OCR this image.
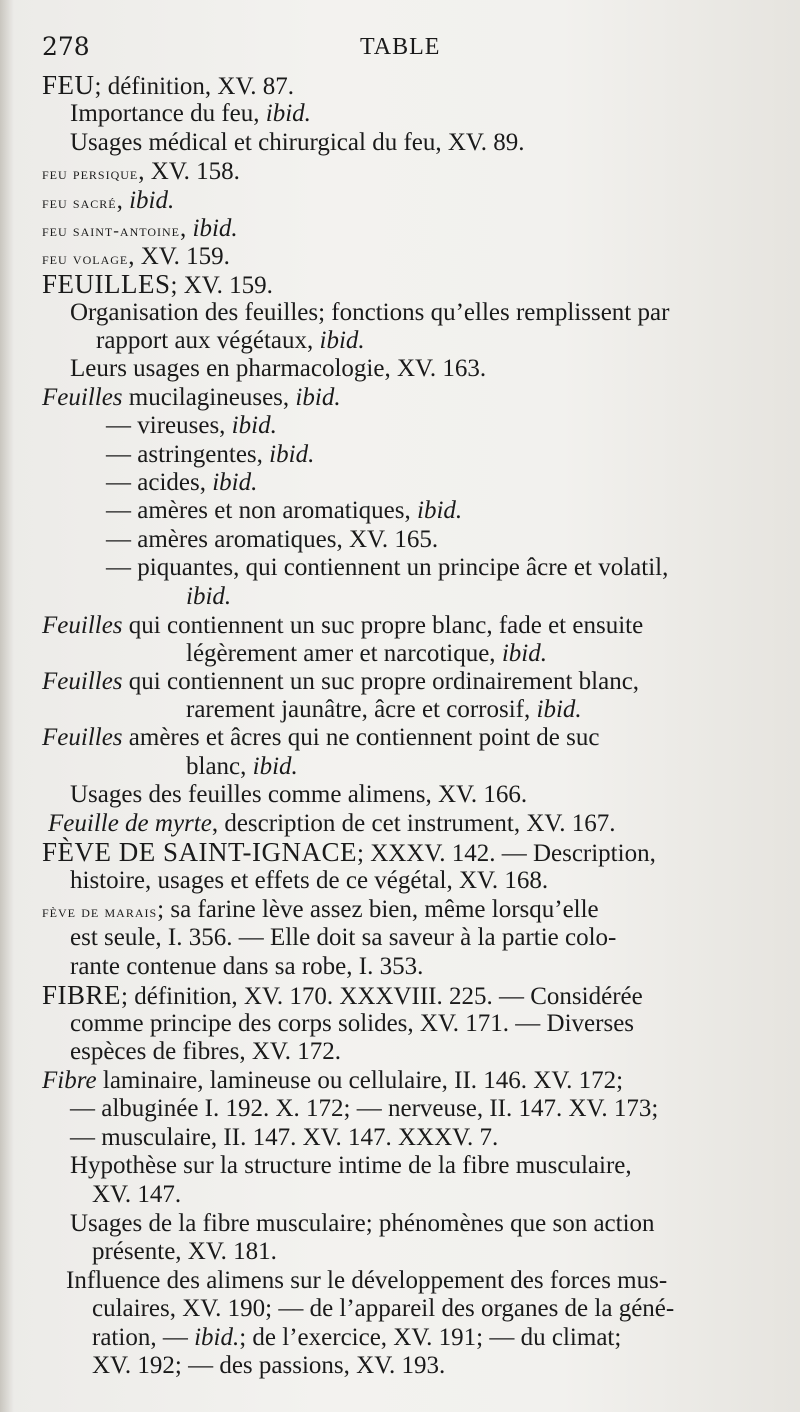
278	TABLE
FEU; définition, XV. 87.
Importance du feu, ibid.
Usages médical et chirurgical du feu, XV. 89.
feu persique, XV. 158.
feu sacré, ibid.
feu saint-antoine, ibid.
feu volage, XV. 159.
FEUILLES; XV. 159.
Organisation des feuilles; fonctions qu’elles remplissent par
rapport aux végétaux, ibid.
Leurs usages en pharmacologie, XV. 163.
Feuilles mucilagineuses, ibid.
— vireuses, ibid.
— astringentes, ibid.
— acides, ibid.
— amères et non aromatiques, ibid.
— amères aromatiques, XV. 165.
— piquantes, qui contiennent un principe âcre et volatil,
ibid.
Feuilles qui contiennent un suc propre blanc, fade et ensuite
légèrement amer et narcotique, ibid.
Feuilles qui contiennent un suc propre ordinairement blanc,
rarement jaunâtre, âcre et corrosif, ibid.
Feuilles amères et âcres qui ne contiennent point de suc
blanc, ibid.
Usages des feuilles comme alimens, XV. 166.
Feuille de myrte, description de cet instrument, XV. 167.
FÈVE DE SAINT-IGNACE; XXXV. 142. — Description,
histoire, usages et effets de ce végétal, XV. 168.
fève de marais; sa farine lève assez bien, même lorsqu’elle
est seule, I. 356. — Elle doit sa saveur à la partie colo-
rante contenue dans sa robe, I. 353.
FIBRE; définition, XV. 170. XXXVIII. 225. — Considérée
comme principe des corps solides, XV. 171. — Diverses
espèces de fibres, XV. 172.
Fibre laminaire, lamineuse ou cellulaire, II. 146. XV. 172;
— albuginée I. 192. X. 172; — nerveuse, II. 147. XV. 173;
— musculaire, II. 147. XV. 147. XXXV. 7.
Hypothèse sur la structure intime de la fibre musculaire,
XV. 147.
Usages de la fibre musculaire; phénomènes que son action
présente, XV. 181.
Influence des alimens sur le développement des forces mus-
culaires, XV. 190; — de l’appareil des organes de la géné-
ration, — ibid.; de l’exercice, XV. 191; — du climat;
XV. 192; — des passions, XV. 193.
